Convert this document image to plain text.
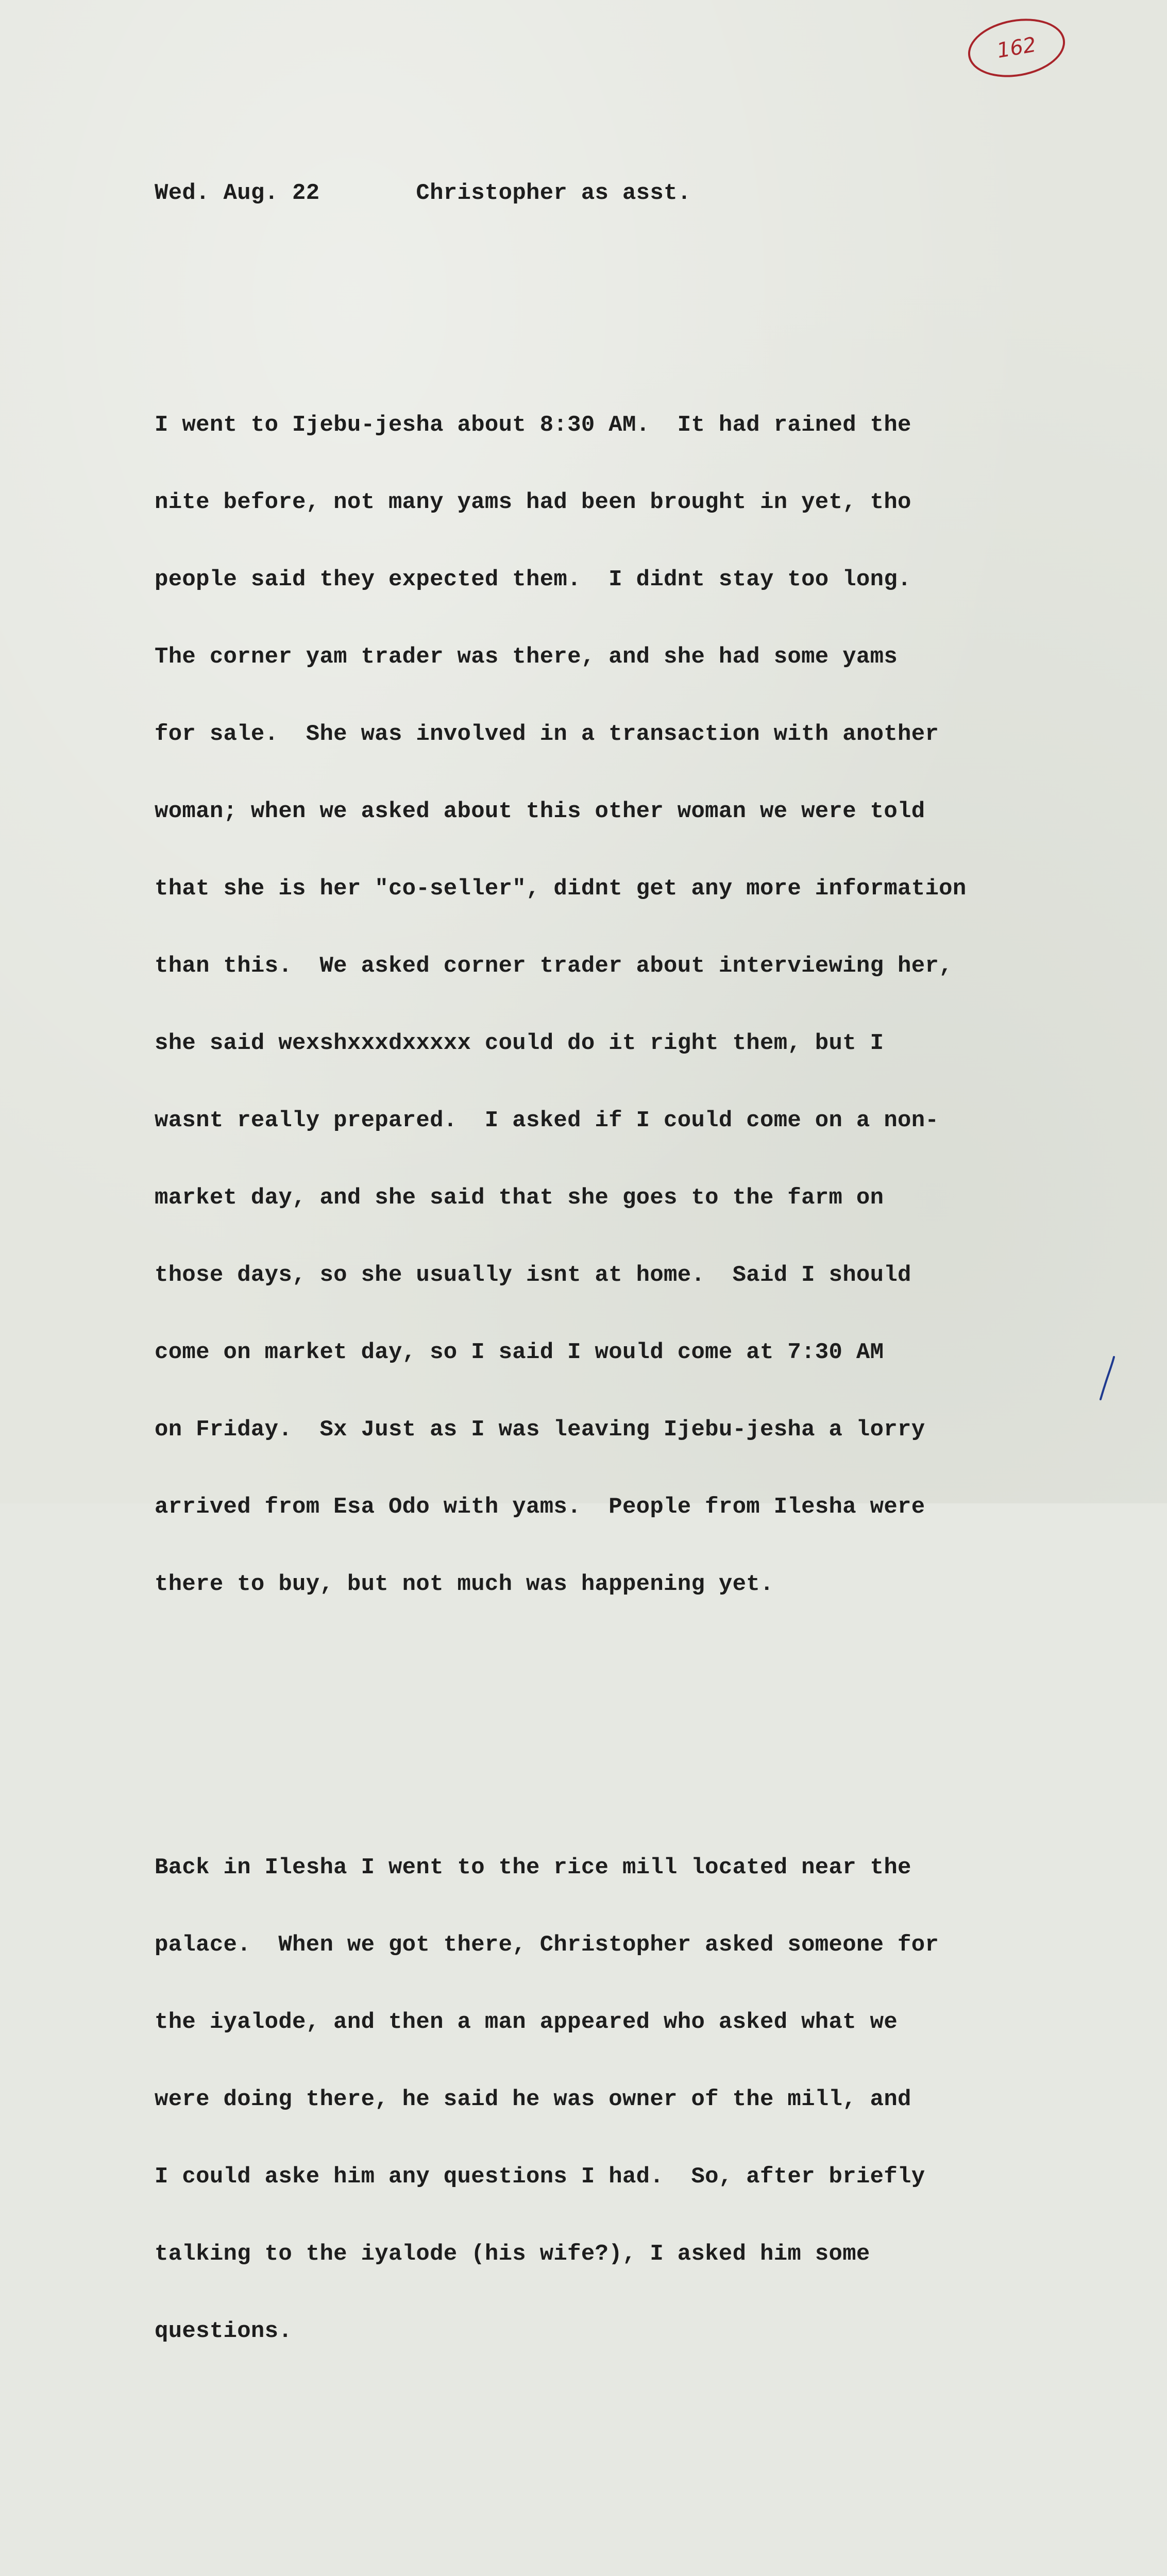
162

Wed. Aug. 22	Christopher as asst.

I went to Ijebu-jesha about 8:30 AM.  It had rained the

nite before, not many yams had been brought in yet, tho

people said they expected them.  I didnt stay too long.

The corner yam trader was there, and she had some yams

for sale.  She was involved in a transaction with another

woman; when we asked about this other woman we were told

that she is her "co-seller", didnt get any more information

than this.  We asked corner trader about interviewing her,

she said wexshxxxdxxxxx could do it right them, but I

wasnt really prepared.  I asked if I could come on a non-

market day, and she said that she goes to the farm on

those days, so she usually isnt at home.  Said I should

come on market day, so I said I would come at 7:30 AM

on Friday.  Sx Just as I was leaving Ijebu-jesha a lorry

arrived from Esa Odo with yams.  People from Ilesha were

there to buy, but not much was happening yet.

Back in Ilesha I went to the rice mill located near the

palace.  When we got there, Christopher asked someone for

the iyalode, and then a man appeared who asked what we

were doing there, he said he was owner of the mill, and

I could aske him any questions I had.  So, after briefly

talking to the iyalode (his wife?), I asked him some

questions.
